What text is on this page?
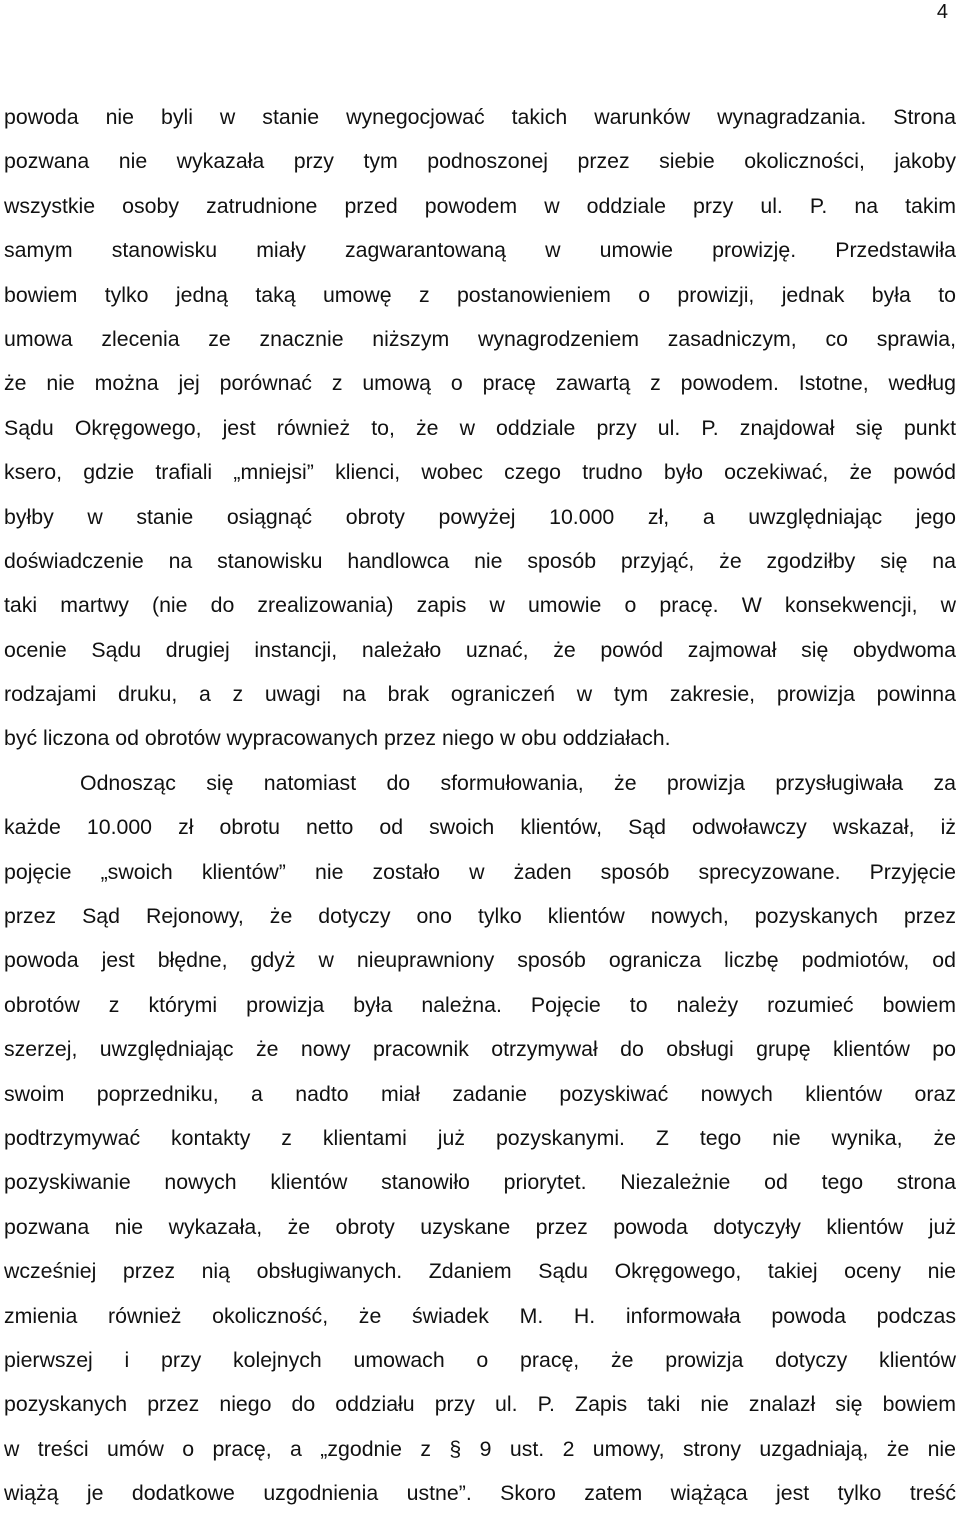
4
powoda nie byli w stanie wynegocjować takich warunków wynagradzania. Strona
pozwana nie wykazała przy tym podnoszonej przez siebie okoliczności, jakoby
wszystkie osoby zatrudnione przed powodem w oddziale przy ul. P. na takim
samym stanowisku miały zagwarantowaną w umowie prowizję. Przedstawiła
bowiem tylko jedną taką umowę z postanowieniem o prowizji, jednak była to
umowa zlecenia ze znacznie niższym wynagrodzeniem zasadniczym, co sprawia,
że nie można jej porównać z umową o pracę zawartą z powodem. Istotne, według
Sądu Okręgowego, jest również to, że w oddziale przy ul. P. znajdował się punkt
ksero, gdzie trafiali „mniejsi” klienci, wobec czego trudno było oczekiwać, że powód
byłby w stanie osiągnąć obroty powyżej 10.000 zł, a uwzględniając jego
doświadczenie na stanowisku handlowca nie sposób przyjąć, że zgodziłby się na
taki martwy (nie do zrealizowania) zapis w umowie o pracę. W konsekwencji, w
ocenie Sądu drugiej instancji, należało uznać, że powód zajmował się obydwoma
rodzajami druku, a z uwagi na brak ograniczeń w tym zakresie, prowizja powinna
być liczona od obrotów wypracowanych przez niego w obu oddziałach.
Odnosząc się natomiast do sformułowania, że prowizja przysługiwała za
każde 10.000 zł obrotu netto od swoich klientów, Sąd odwoławczy wskazał, iż
pojęcie „swoich klientów” nie zostało w żaden sposób sprecyzowane. Przyjęcie
przez Sąd Rejonowy, że dotyczy ono tylko klientów nowych, pozyskanych przez
powoda jest błędne, gdyż w nieuprawniony sposób ogranicza liczbę podmiotów, od
obrotów z którymi prowizja była należna. Pojęcie to należy rozumieć bowiem
szerzej, uwzględniając że nowy pracownik otrzymywał do obsługi grupę klientów po
swoim poprzedniku, a nadto miał zadanie pozyskiwać nowych klientów oraz
podtrzymywać kontakty z klientami już pozyskanymi. Z tego nie wynika, że
pozyskiwanie nowych klientów stanowiło priorytet. Niezależnie od tego strona
pozwana nie wykazała, że obroty uzyskane przez powoda dotyczyły klientów już
wcześniej przez nią obsługiwanych. Zdaniem Sądu Okręgowego, takiej oceny nie
zmienia również okoliczność, że świadek M. H. informowała powoda podczas
pierwszej i przy kolejnych umowach o pracę, że prowizja dotyczy klientów
pozyskanych przez niego do oddziału przy ul. P. Zapis taki nie znalazł się bowiem
w treści umów o pracę, a „zgodnie z § 9 ust. 2 umowy, strony uzgadniają, że nie
wiążą je dodatkowe uzgodnienia ustne”. Skoro zatem wiążąca jest tylko treść
